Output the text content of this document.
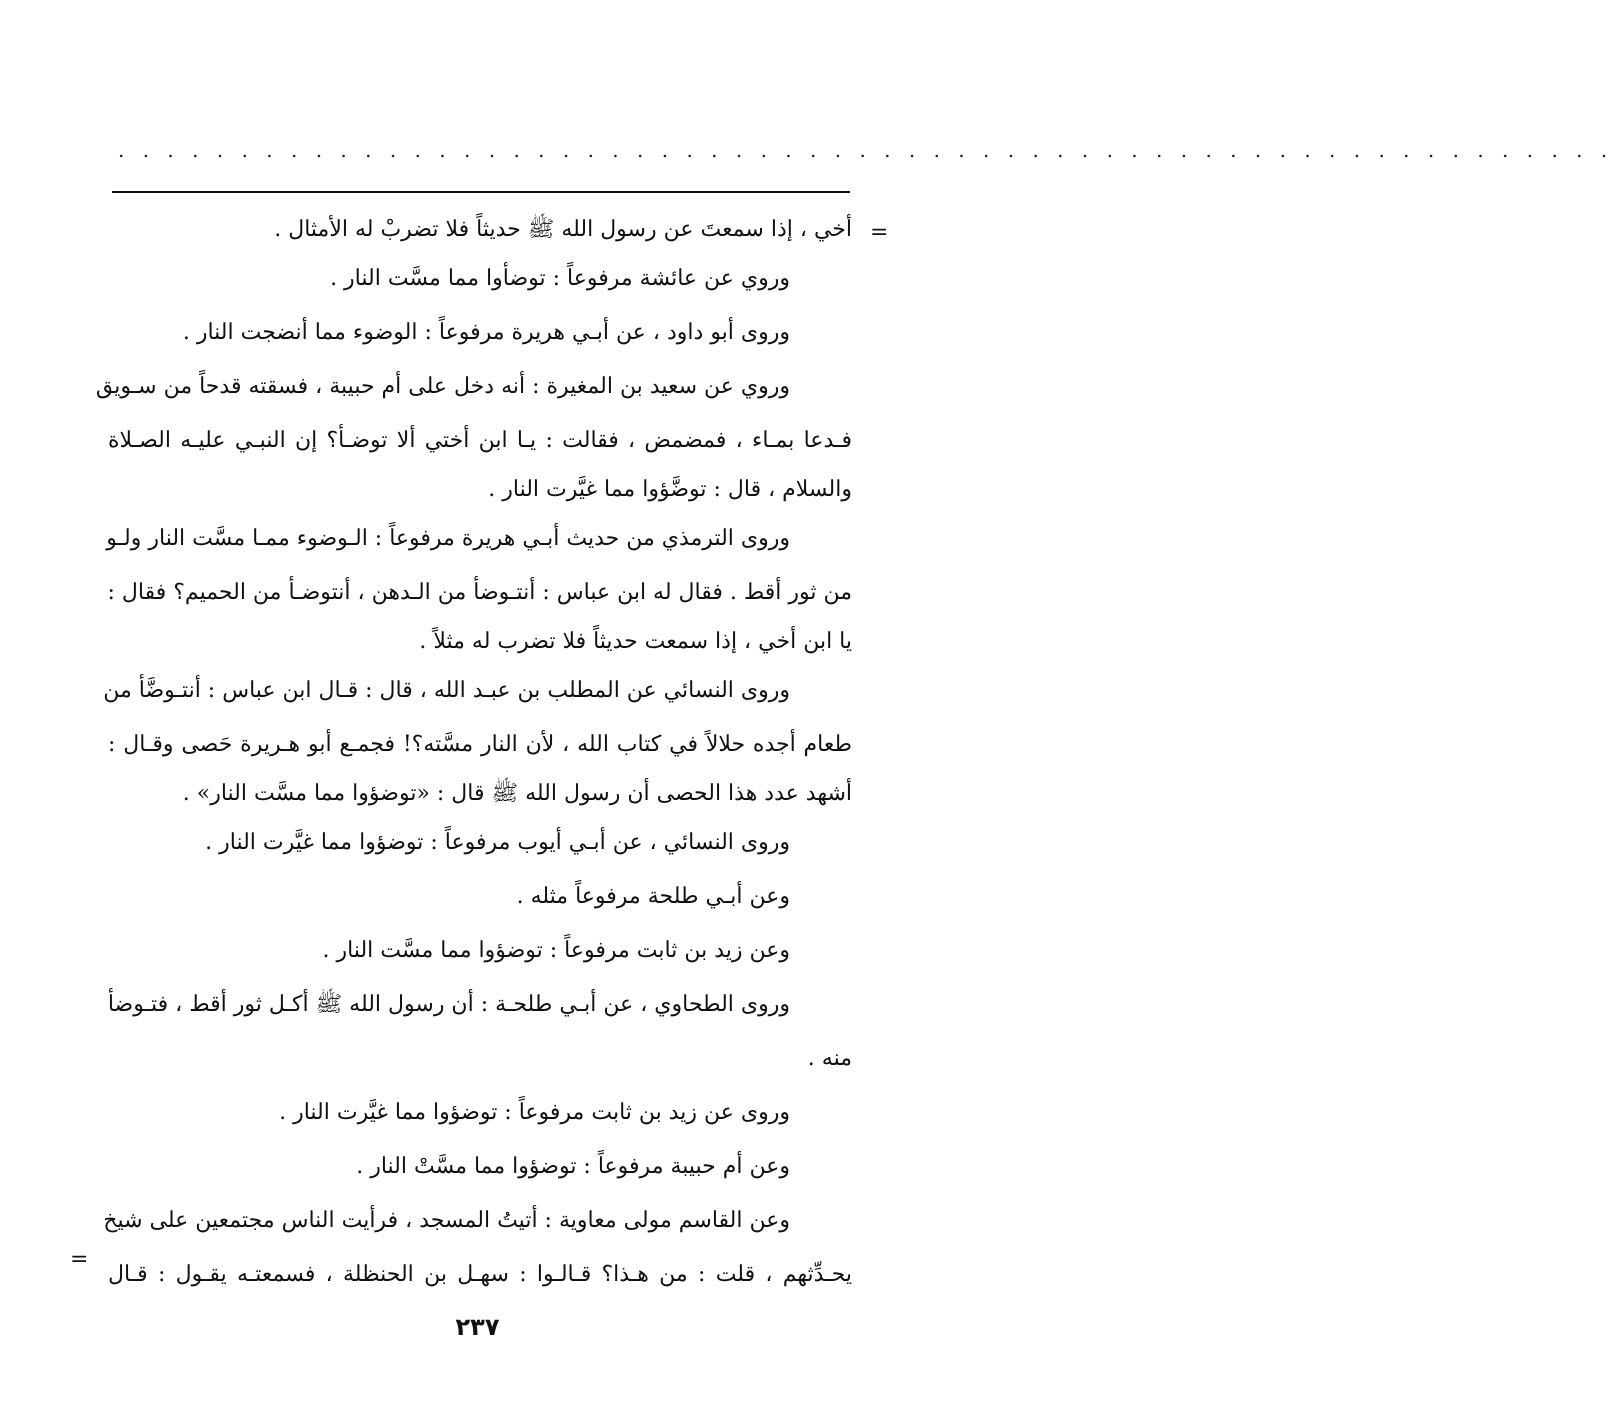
. . . . . . . . . . . . . . . . . . . . . . . . . . . . . . . . . . . . . . . . . . . . . . . . . . . . . . . . . . . . .
=
أخي ، إذا سمعتَ عن رسول الله ﷺ حديثاً فلا تضربْ له الأمثال .
وروي عن عائشة مرفوعاً : توضأوا مما مسَّت النار .
وروى أبو داود ، عن أبـي هريرة مرفوعاً : الوضوء مما أنضجت النار .
وروي عن سعيد بن المغيرة : أنه دخل على أم حبيبة ، فسقته قدحاً من سـويق
فـدعا بمـاء ، فمضمض ، فقالت : يـا ابن أختي ألا توضـأ؟ إن النبـي عليـه الصـلاة
والسلام ، قال : توضَّؤوا مما غيَّرت النار .
وروى الترمذي من حديث أبـي هريرة مرفوعاً : الـوضوء ممـا مسَّت النار ولـو
من ثور أقط . فقال له ابن عباس : أنتـوضأ من الـدهن ، أنتوضـأ من الحميم؟ فقال :
يا ابن أخي ، إذا سمعت حديثاً فلا تضرب له مثلاً .
وروى النسائي عن المطلب بن عبـد الله ، قال : قـال ابن عباس : أنتـوضَّأ من
طعام أجده حلالاً في كتاب الله ، لأن النار مسَّته؟! فجمـع أبو هـريرة حَصى وقـال :
أشهد عدد هذا الحصى أن رسول الله ﷺ قال : «توضؤوا مما مسَّت النار» .
وروى النسائي ، عن أبـي أيوب مرفوعاً : توضؤوا مما غيَّرت النار .
وعن أبـي طلحة مرفوعاً مثله .
وعن زيد بن ثابت مرفوعاً : توضؤوا مما مسَّت النار .
وروى الطحاوي ، عن أبـي طلحـة : أن رسول الله ﷺ أكـل ثور أقط ، فتـوضأ
منه .
وروى عن زيد بن ثابت مرفوعاً : توضؤوا مما غيَّرت النار .
وعن أم حبيبة مرفوعاً : توضؤوا مما مسَّتْ النار .
وعن القاسم مولى معاوية : أتيتُ المسجد ، فرأيت الناس مجتمعين على شيخ
يحـدِّثهم ، قلت : من هـذا؟ قـالـوا : سهـل بن الحنظلة ، فسمعتـه يقـول : قـال
=
٢٣٧
